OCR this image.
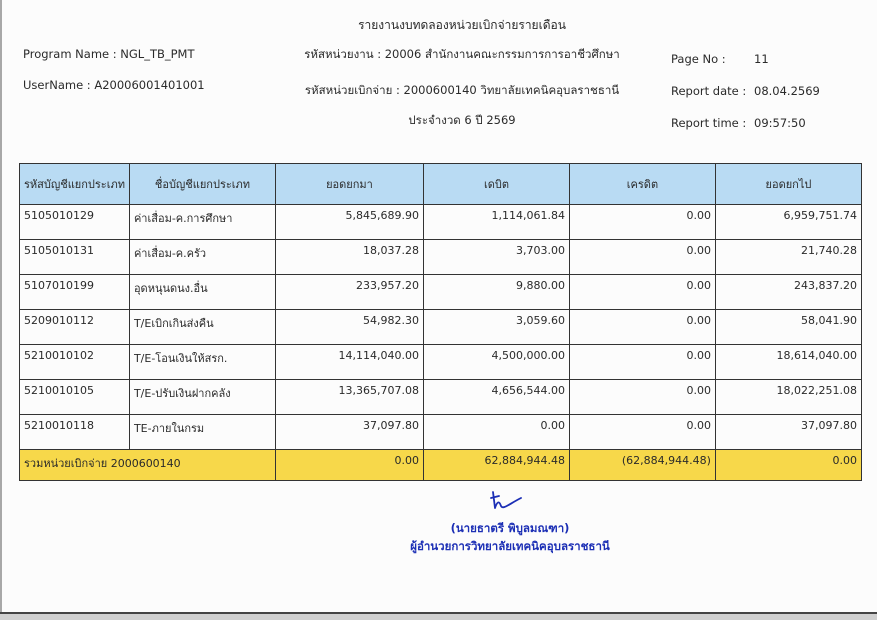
รายงานงบทดลองหน่วยเบิกจ่ายรายเดือน
รหัสหน่วยงาน : 20006 สำนักงานคณะกรรมการการอาชีวศึกษา
รหัสหน่วยเบิกจ่าย : 2000600140 วิทยาลัยเทคนิคอุบลราชธานี
ประจำงวด 6 ปี 2569
Program Name : NGL_TB_PMT
UserName : A20006001401001
Page No : 11
Report date : 08.04.2569
Report time : 09:57:50
รหัสบัญชีแยกประเภท	ชื่อบัญชีแยกประเภท	ยอดยกมา	เดบิต	เครดิต	ยอดยกไป
5105010129	ค่าเสื่อม-ค.การศึกษา	5,845,689.90	1,114,061.84	0.00	6,959,751.74
5105010131	ค่าเสื่อม-ค.ครัว	18,037.28	3,703.00	0.00	21,740.28
5107010199	อุดหนุนดนง.อื่น	233,957.20	9,880.00	0.00	243,837.20
5209010112	T/Eเบิกเกินส่งคืน	54,982.30	3,059.60	0.00	58,041.90
5210010102	T/E-โอนเงินให้สรก.	14,114,040.00	4,500,000.00	0.00	18,614,040.00
5210010105	T/E-ปรับเงินฝากคลัง	13,365,707.08	4,656,544.00	0.00	18,022,251.08
5210010118	TE-ภายในกรม	37,097.80	0.00	0.00	37,097.80
รวมหน่วยเบิกจ่าย 2000600140		0.00	62,884,944.48	(62,884,944.48)	0.00
(นายธาตรี พิบูลมณฑา)
ผู้อำนวยการวิทยาลัยเทคนิคอุบลราชธานี
